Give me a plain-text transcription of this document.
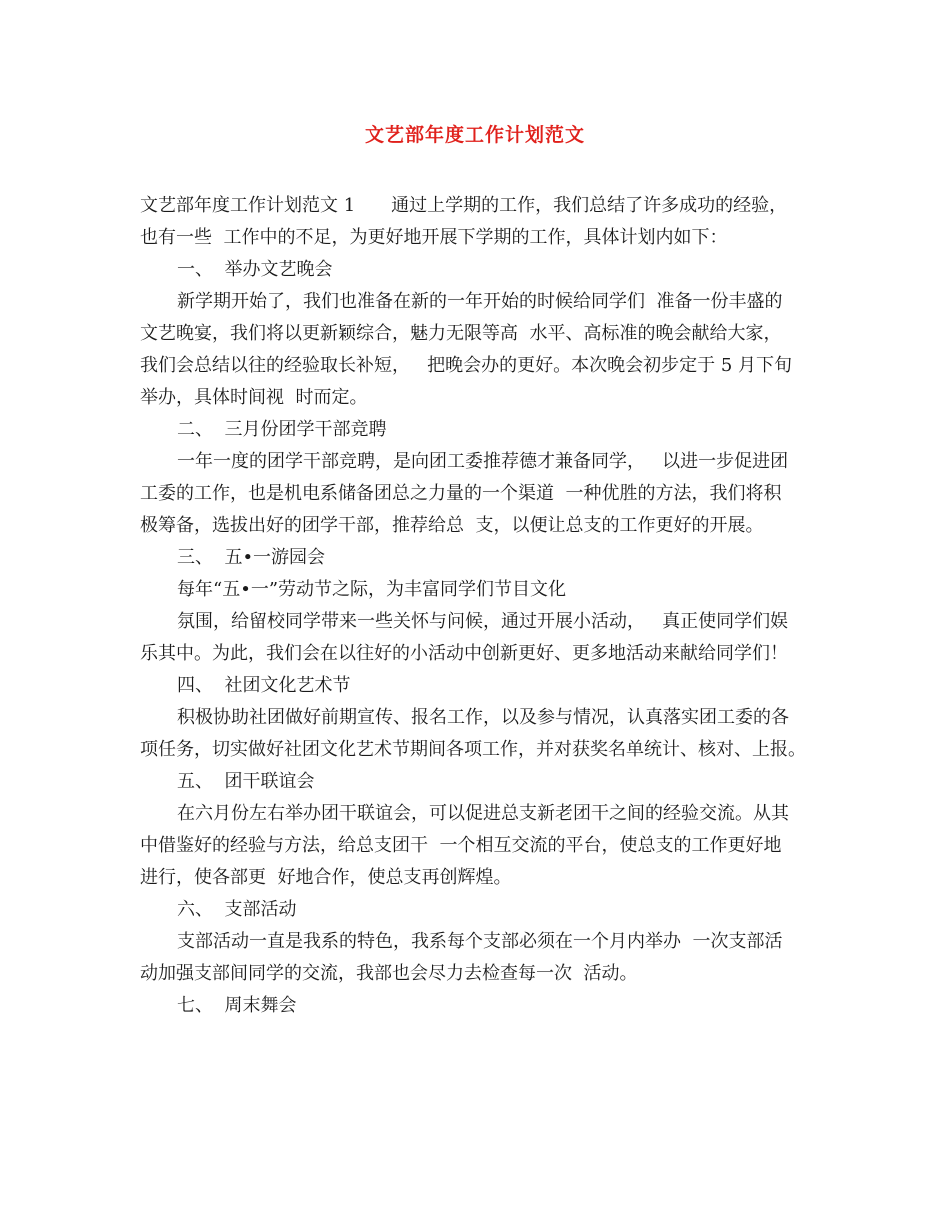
文艺部年度工作计划范文
文艺部年度工作计划范文 1　　通过上学期的工作，我们总结了许多成功的经验，
也有一些  工作中的不足，为更好地开展下学期的工作，具体计划内如下：
一、  举办文艺晚会
新学期开始了，我们也准备在新的一年开始的时候给同学们  准备一份丰盛的
文艺晚宴，我们将以更新颖综合，魅力无限等高  水平、高标准的晚会献给大家，
我们会总结以往的经验取长补短，   把晚会办的更好。本次晚会初步定于 5 月下旬
举办，具体时间视  时而定。
二、  三月份团学干部竞聘
一年一度的团学干部竞聘，是向团工委推荐德才兼备同学，   以进一步促进团
工委的工作，也是机电系储备团总之力量的一个渠道  一种优胜的方法，我们将积
极筹备，选拔出好的团学干部，推荐给总  支，以便让总支的工作更好的开展。
三、  五•一游园会
每年“五•一”劳动节之际，为丰富同学们节目文化
氛围，给留校同学带来一些关怀与问候，通过开展小活动，   真正使同学们娱
乐其中。为此，我们会在以往好的小活动中创新更好、更多地活动来献给同学们！
四、  社团文化艺术节
积极协助社团做好前期宣传、报名工作，以及参与情况，认真落实团工委的各
项任务，切实做好社团文化艺术节期间各项工作，并对获奖名单统计、核对、上报。
五、  团干联谊会
在六月份左右举办团干联谊会，可以促进总支新老团干之间的经验交流。从其
中借鉴好的经验与方法，给总支团干  一个相互交流的平台，使总支的工作更好地
进行，使各部更  好地合作，使总支再创辉煌。
六、  支部活动
支部活动一直是我系的特色，我系每个支部必须在一个月内举办  一次支部活
动加强支部间同学的交流，我部也会尽力去检查每一次  活动。
七、  周末舞会
